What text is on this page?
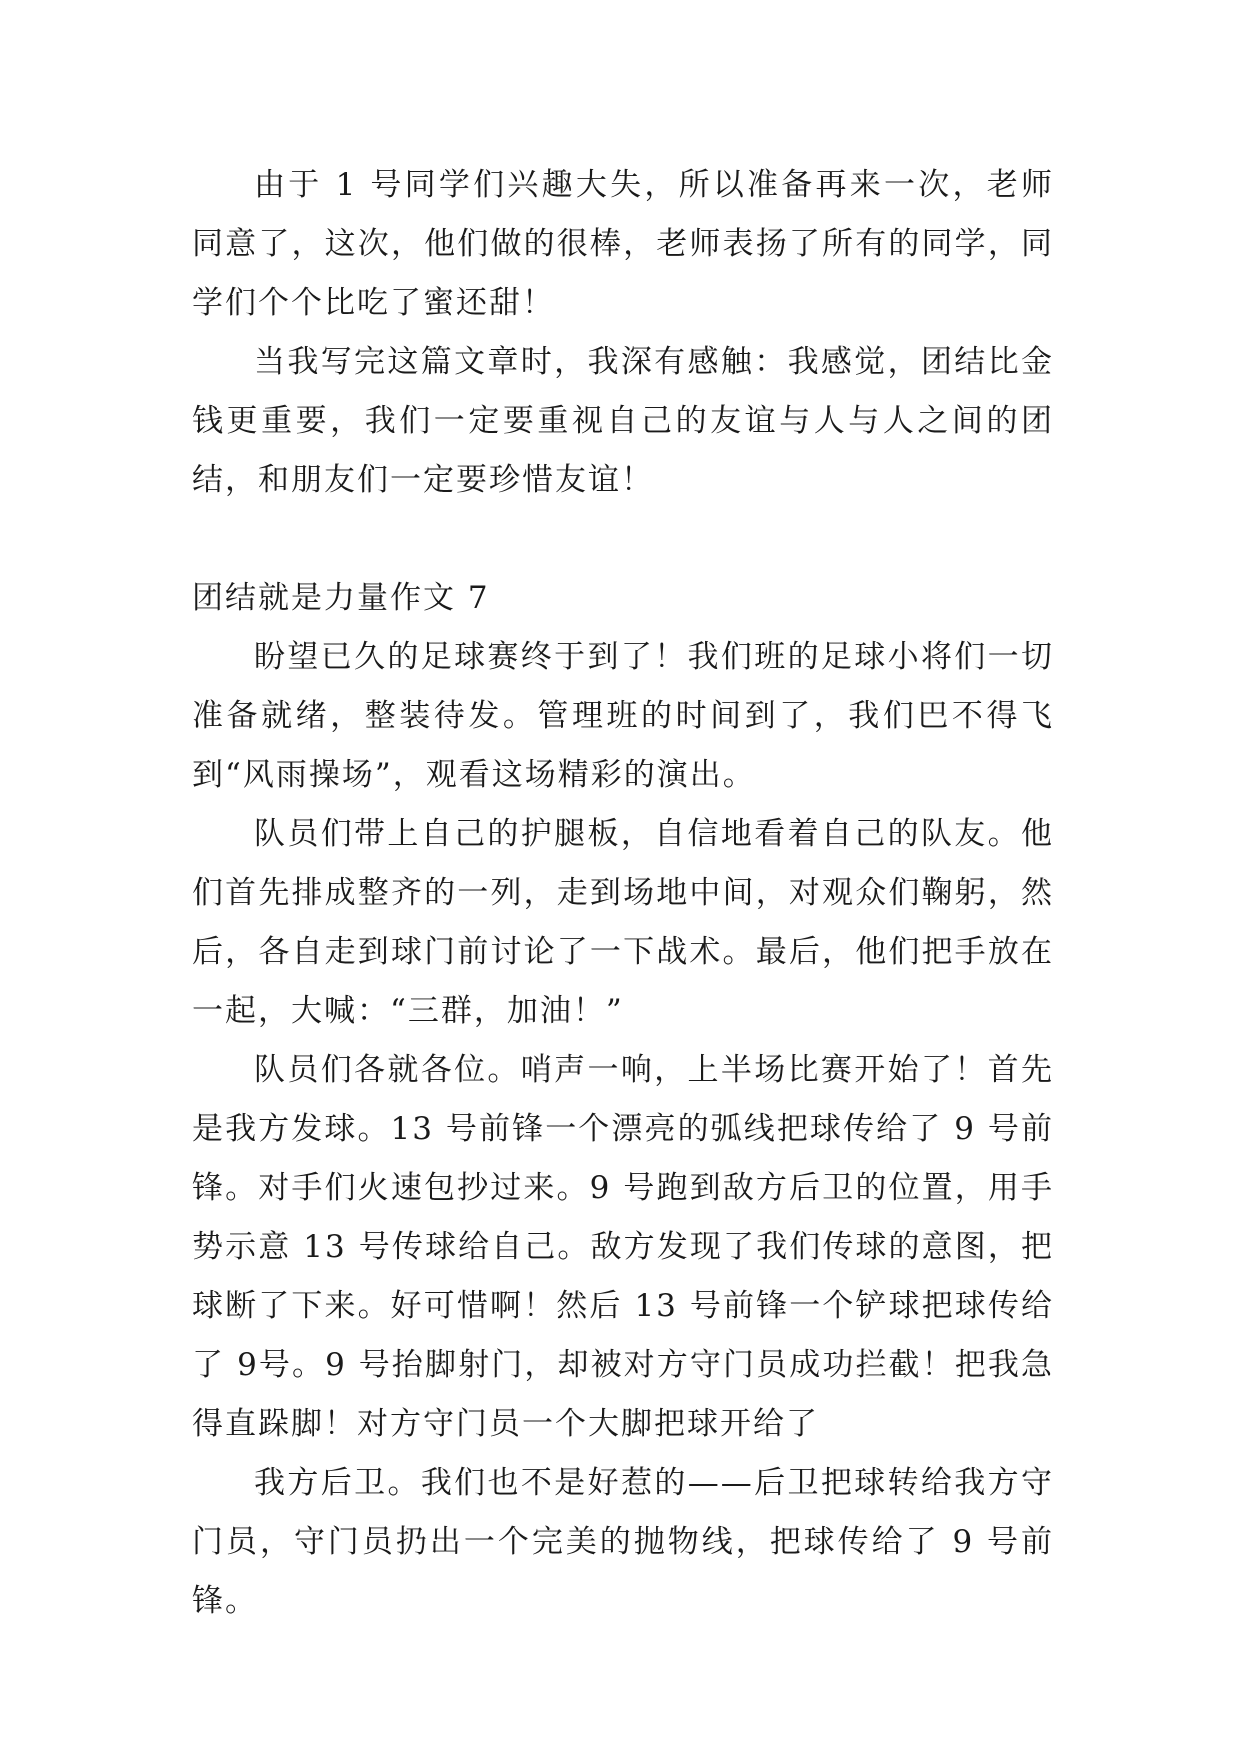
由于 1 号同学们兴趣大失，所以准备再来一次，老师同意了，这次，他们做的很棒，老师表扬了所有的同学，同学们个个比吃了蜜还甜！

当我写完这篇文章时，我深有感触：我感觉，团结比金钱更重要，我们一定要重视自己的友谊与人与人之间的团结，和朋友们一定要珍惜友谊！

团结就是力量作文 7

盼望已久的足球赛终于到了！我们班的足球小将们一切准备就绪，整装待发。管理班的时间到了，我们巴不得飞到“风雨操场”，观看这场精彩的演出。

队员们带上自己的护腿板，自信地看着自己的队友。他们首先排成整齐的一列，走到场地中间，对观众们鞠躬，然后，各自走到球门前讨论了一下战术。最后，他们把手放在一起，大喊：“三群，加油！”

队员们各就各位。哨声一响，上半场比赛开始了！首先是我方发球。13 号前锋一个漂亮的弧线把球传给了 9 号前锋。对手们火速包抄过来。9 号跑到敌方后卫的位置，用手势示意 13 号传球给自己。敌方发现了我们传球的意图，把球断了下来。好可惜啊！然后 13 号前锋一个铲球把球传给了 9号。9 号抬脚射门，却被对方守门员成功拦截！把我急得直跺脚！对方守门员一个大脚把球开给了

我方后卫。我们也不是好惹的——后卫把球转给我方守门员，守门员扔出一个完美的抛物线，把球传给了 9 号前锋。
